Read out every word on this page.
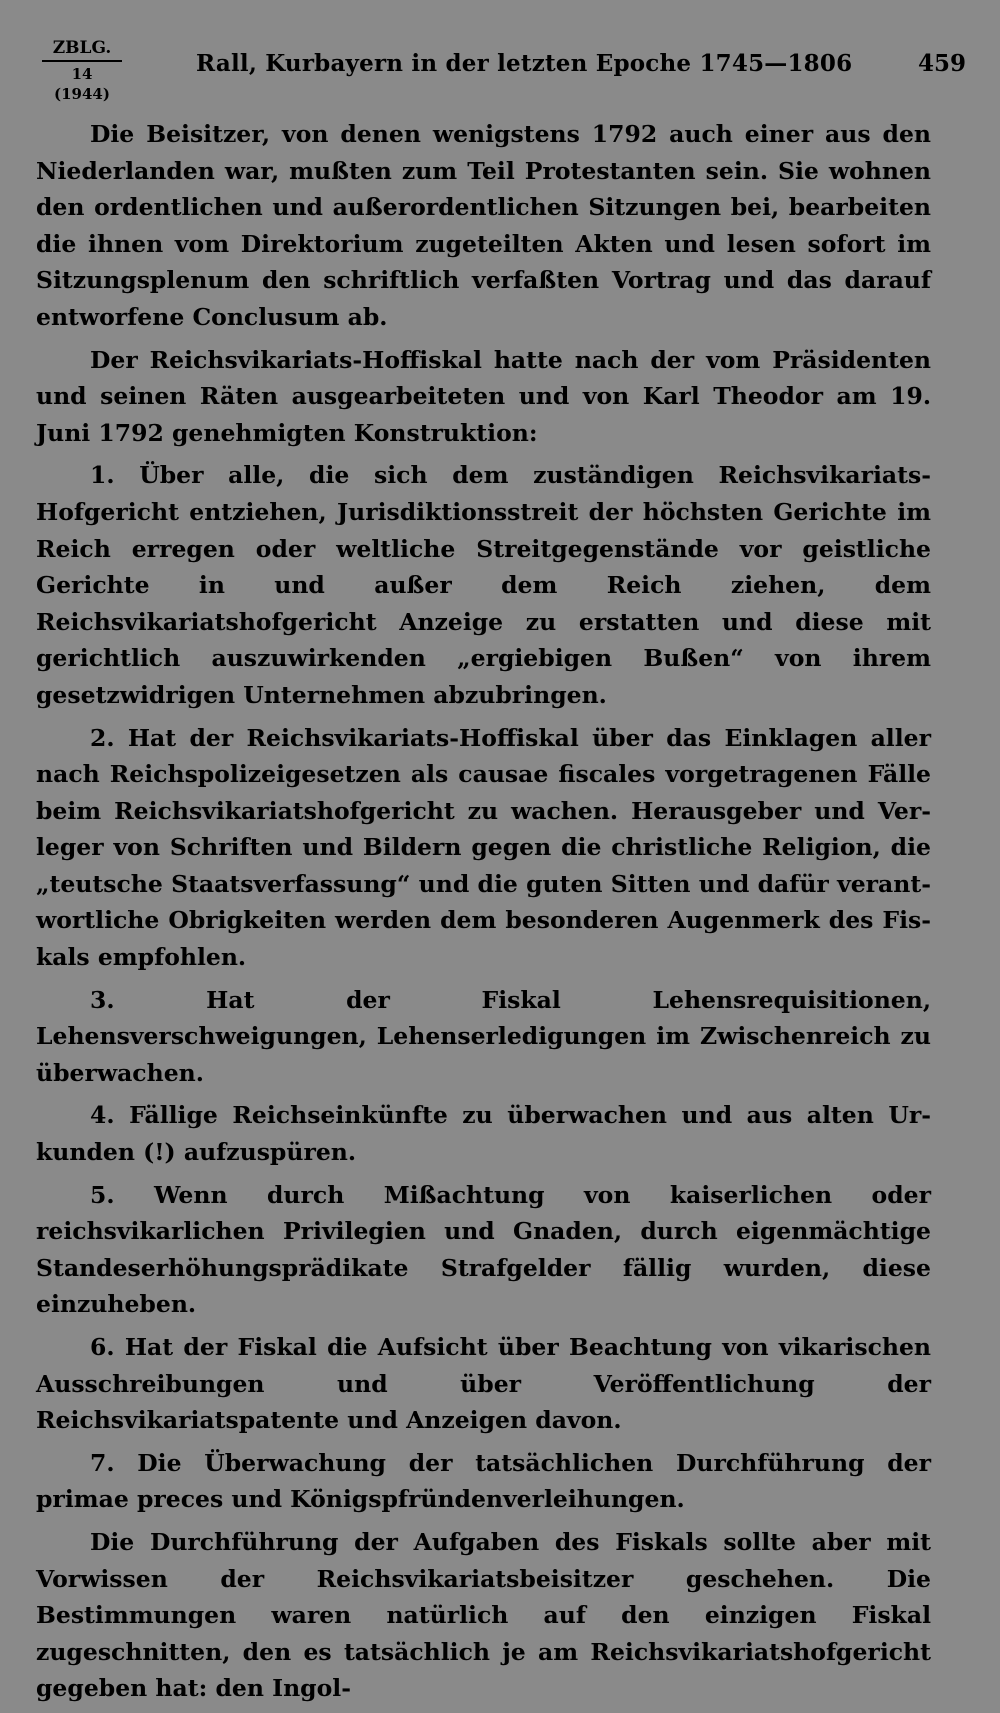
ZBLG.
14 (1944)
Rall, Kurbayern in der letzten Epoche 1745—1806	459

Die Beisitzer, von denen wenigstens 1792 auch einer aus den Niederlanden war, mußten zum Teil Protestanten sein. Sie wohnen den ordentlichen und außerordentlichen Sitzungen bei, bearbeiten die ihnen vom Direktorium zugeteilten Akten und lesen sofort im Sitzungsplenum den schriftlich verfaßten Vortrag und das darauf entworfene Conclusum ab.

Der Reichsvikariats-Hoffiskal hatte nach der vom Präsidenten und seinen Räten ausgearbeiteten und von Karl Theodor am 19. Juni 1792 genehmigten Konstruktion:

1. Über alle, die sich dem zuständigen Reichsvikariats-Hofgericht entziehen, Jurisdiktionsstreit der höchsten Gerichte im Reich erregen oder weltliche Streitgegenstände vor geistliche Gerichte in und außer dem Reich ziehen, dem Reichsvikariatshofgericht Anzeige zu erstatten und diese mit gerichtlich auszuwirkenden „ergiebigen Bußen“ von ihrem gesetzwidrigen Unternehmen abzubringen.

2. Hat der Reichsvikariats-Hoffiskal über das Einklagen aller nach Reichspolizeigesetzen als causae fiscales vorgetragenen Fälle beim Reichsvikariatshofgericht zu wachen. Herausgeber und Verleger von Schriften und Bildern gegen die christliche Religion, die „teutsche Staatsverfassung“ und die guten Sitten und dafür verantwortliche Obrigkeiten werden dem besonderen Augenmerk des Fiskals empfohlen.

3. Hat der Fiskal Lehensrequisitionen, Lehensverschweigungen, Lehenserledigungen im Zwischenreich zu überwachen.

4. Fällige Reichseinkünfte zu überwachen und aus alten Urkunden (!) aufzuspüren.

5. Wenn durch Mißachtung von kaiserlichen oder reichsvikarlichen Privilegien und Gnaden, durch eigenmächtige Standeserhöhungsprädikate Strafgelder fällig wurden, diese einzuheben.

6. Hat der Fiskal die Aufsicht über Beachtung von vikarischen Ausschreibungen und über Veröffentlichung der Reichsvikariatspatente und Anzeigen davon.

7. Die Überwachung der tatsächlichen Durchführung der primae preces und Königspfründenverleihungen.

Die Durchführung der Aufgaben des Fiskals sollte aber mit Vorwissen der Reichsvikariatsbeisitzer geschehen. Die Bestimmungen waren natürlich auf den einzigen Fiskal zugeschnitten, den es tatsächlich je am Reichsvikariatshofgericht gegeben hat: den Ingol-
